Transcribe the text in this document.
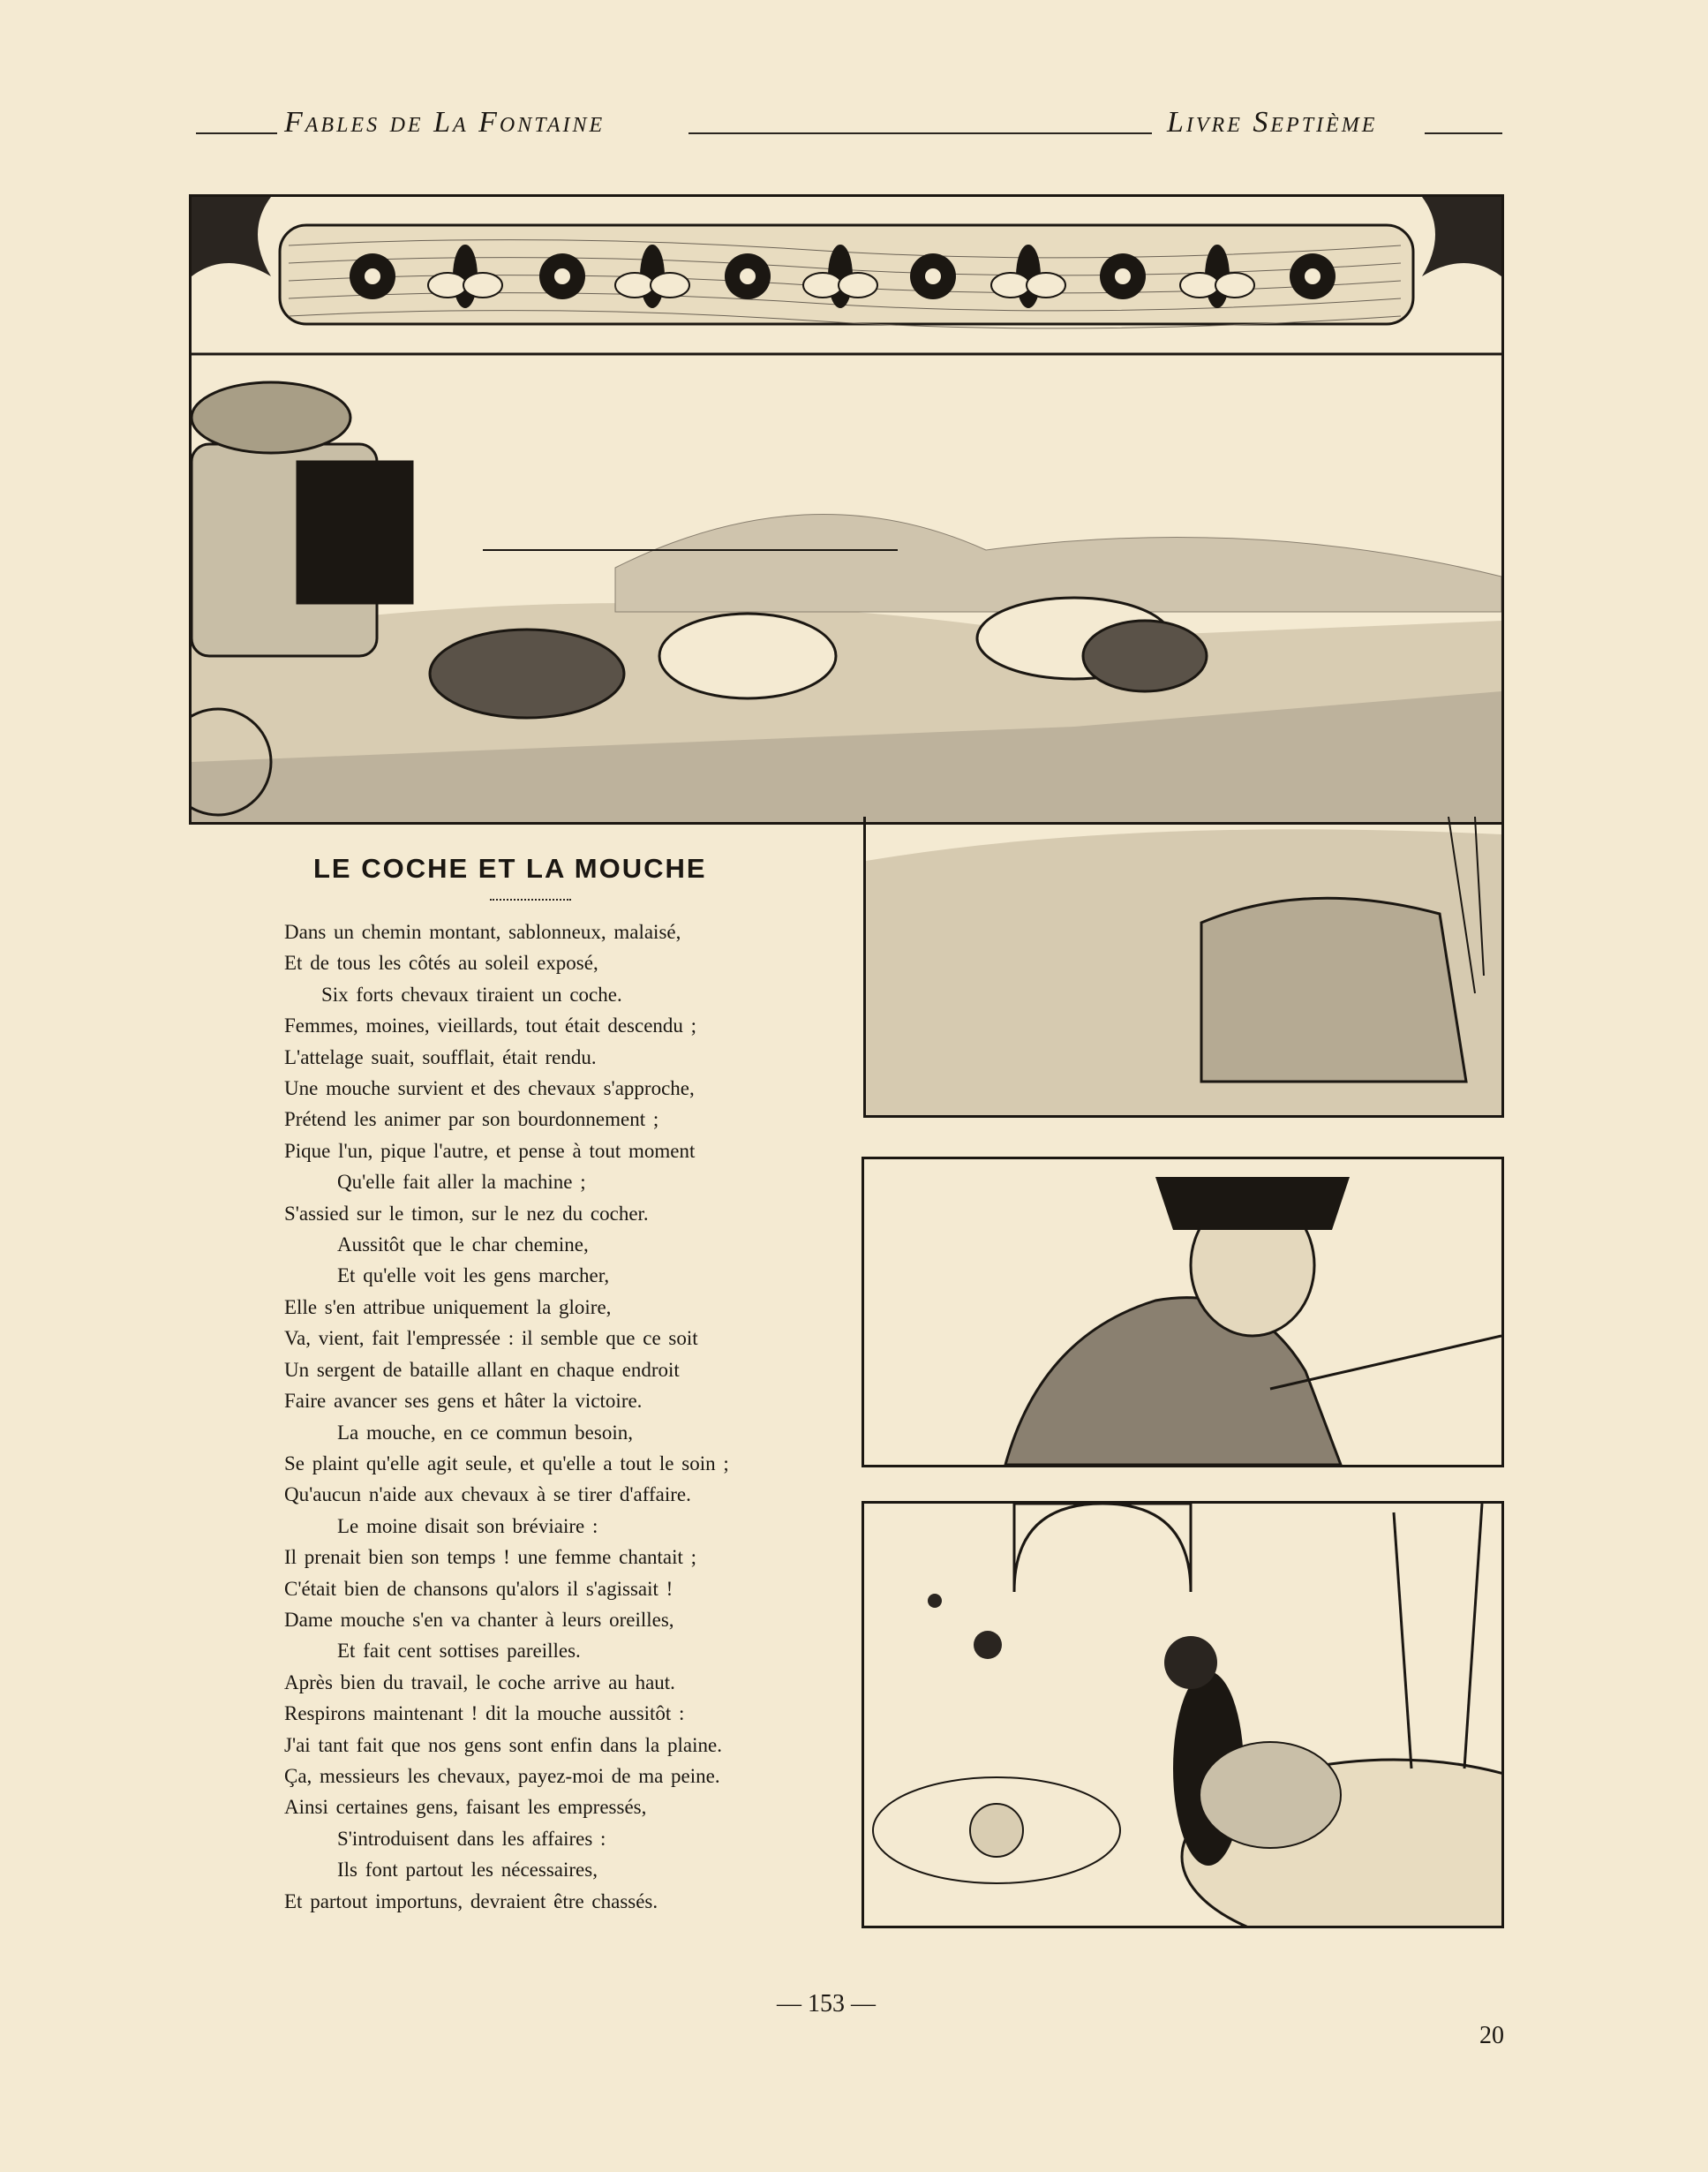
Fables de La Fontaine	Livre Septième
LE COCHE ET LA MOUCHE
Dans un chemin montant, sablonneux, malaisé,
Et de tous les côtés au soleil exposé,
Six forts chevaux tiraient un coche.
Femmes, moines, vieillards, tout était descendu ;
L'attelage suait, soufflait, était rendu.
Une mouche survient et des chevaux s'approche,
Prétend les animer par son bourdonnement ;
Pique l'un, pique l'autre, et pense à tout moment
Qu'elle fait aller la machine ;
S'assied sur le timon, sur le nez du cocher.
Aussitôt que le char chemine,
Et qu'elle voit les gens marcher,
Elle s'en attribue uniquement la gloire,
Va, vient, fait l'empressée : il semble que ce soit
Un sergent de bataille allant en chaque endroit
Faire avancer ses gens et hâter la victoire.
La mouche, en ce commun besoin,
Se plaint qu'elle agit seule, et qu'elle a tout le soin ;
Qu'aucun n'aide aux chevaux à se tirer d'affaire.
Le moine disait son bréviaire :
Il prenait bien son temps ! une femme chantait ;
C'était bien de chansons qu'alors il s'agissait !
Dame mouche s'en va chanter à leurs oreilles,
Et fait cent sottises pareilles.
Après bien du travail, le coche arrive au haut.
Respirons maintenant ! dit la mouche aussitôt :
J'ai tant fait que nos gens sont enfin dans la plaine.
Ça, messieurs les chevaux, payez-moi de ma peine.
Ainsi certaines gens, faisant les empressés,
S'introduisent dans les affaires :
Ils font partout les nécessaires,
Et partout importuns, devraient être chassés.
— 153 —
20
